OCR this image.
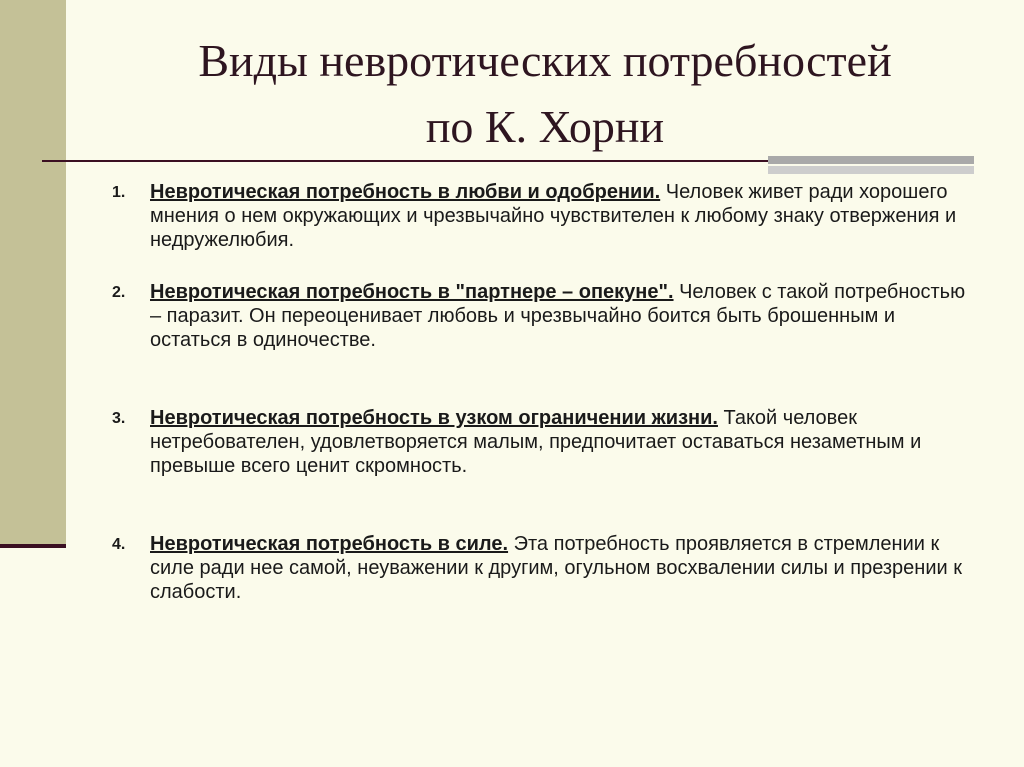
Виды невротических потребностей
по К. Хорни
1. Невротическая потребность в любви и одобрении. Человек живет ради хорошего мнения о нем окружающих и чрезвычайно чувствителен к любому знаку отвержения и недружелюбия.
2. Невротическая потребность в "партнере – опекуне". Человек с такой потребностью – паразит. Он переоценивает любовь и чрезвычайно боится быть брошенным и остаться в одиночестве.
3. Невротическая потребность в узком ограничении жизни. Такой человек нетребователен, удовлетворяется малым, предпочитает оставаться незаметным и превыше всего ценит скромность.
4. Невротическая потребность в силе. Эта потребность проявляется в стремлении к силе ради нее самой, неуважении к другим, огульном восхвалении силы и презрении к слабости.
